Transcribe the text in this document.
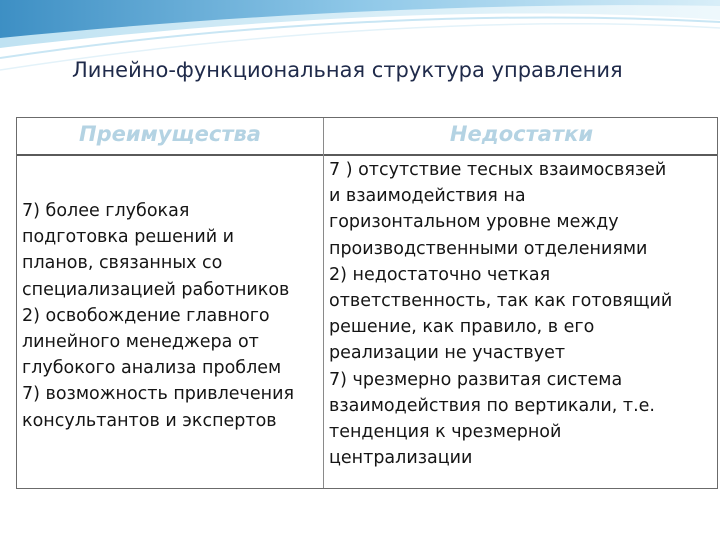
Линейно-функциональная структура управления
Преимущества	Недостатки
7) более глубокая
подготовка решений и
планов, связанных со
специализацией работников
2) освобождение главного
линейного менеджера от
глубокого анализа проблем
7) возможность привлечения
консультантов и экспертов
7 ) отсутствие тесных взаимосвязей
и взаимодействия на
горизонтальном уровне между
производственными отделениями
2) недостаточно четкая
ответственность, так как готовящий
решение, как правило, в его
реализации не участвует
7) чрезмерно развитая система
взаимодействия по вертикали, т.е.
тенденция к чрезмерной
централизации
